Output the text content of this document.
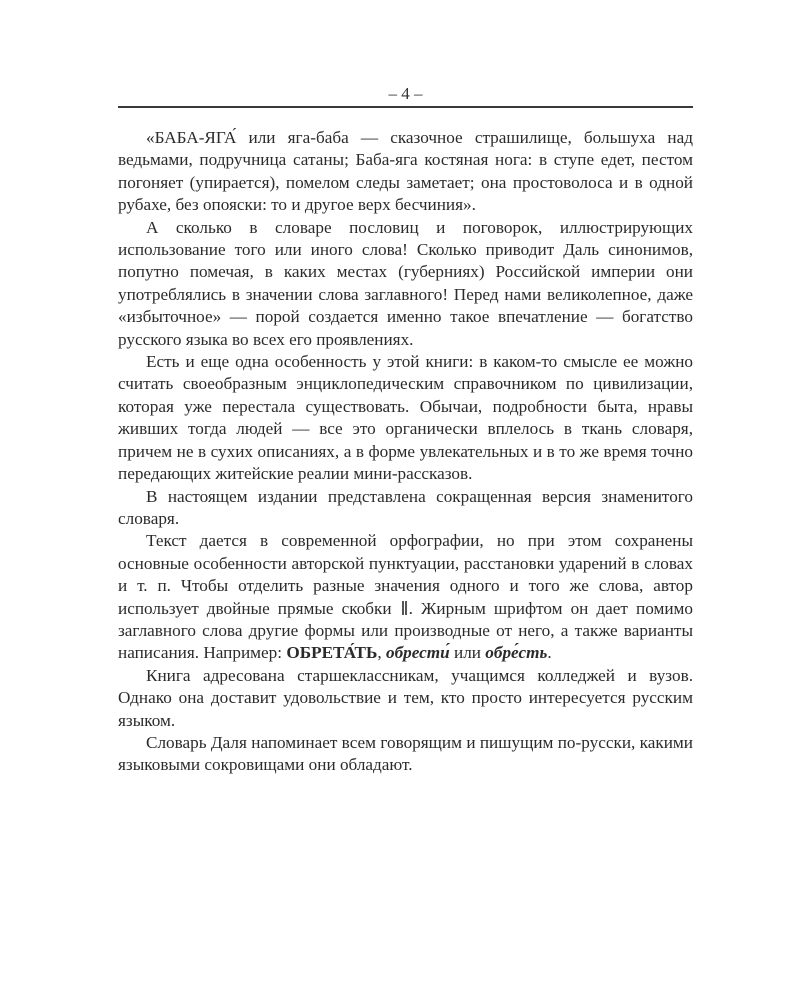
– 4 –

«БАБА-ЯГА́ или яга-баба — сказочное страшилище, большуха над ведьмами, подручница сатаны; Баба-яга костяная нога: в ступе едет, пестом погоняет (упирается), помелом следы заметает; она простоволоса и в одной рубахе, без опояски: то и другое верх бесчиния».

А сколько в словаре пословиц и поговорок, иллюстрирующих использование того или иного слова! Сколько приводит Даль синонимов, попутно помечая, в каких местах (губерниях) Российской империи они употреблялись в значении слова заглавного! Перед нами великолепное, даже «избыточное» — порой создается именно такое впечатление — богатство русского языка во всех его проявлениях.

Есть и еще одна особенность у этой книги: в каком-то смысле ее можно считать своеобразным энциклопедическим справочником по цивилизации, которая уже перестала существовать. Обычаи, подробности быта, нравы живших тогда людей — все это органически вплелось в ткань словаря, причем не в сухих описаниях, а в форме увлекательных и в то же время точно передающих житейские реалии мини-рассказов.

В настоящем издании представлена сокращенная версия знаменитого словаря.

Текст дается в современной орфографии, но при этом сохранены основные особенности авторской пунктуации, расстановки ударений в словах и т. п. Чтобы отделить разные значения одного и того же слова, автор использует двойные прямые скобки . Жирным шрифтом он дает помимо заглавного слова другие формы или производные от него, а также варианты написания. Например: ОБРЕТА́ТЬ, обрести́ или обре́сть.

Книга адресована старшеклассникам, учащимся колледжей и вузов. Однако она доставит удовольствие и тем, кто просто интересуется русским языком.

Словарь Даля напоминает всем говорящим и пишущим по-русски, какими языковыми сокровищами они обладают.
